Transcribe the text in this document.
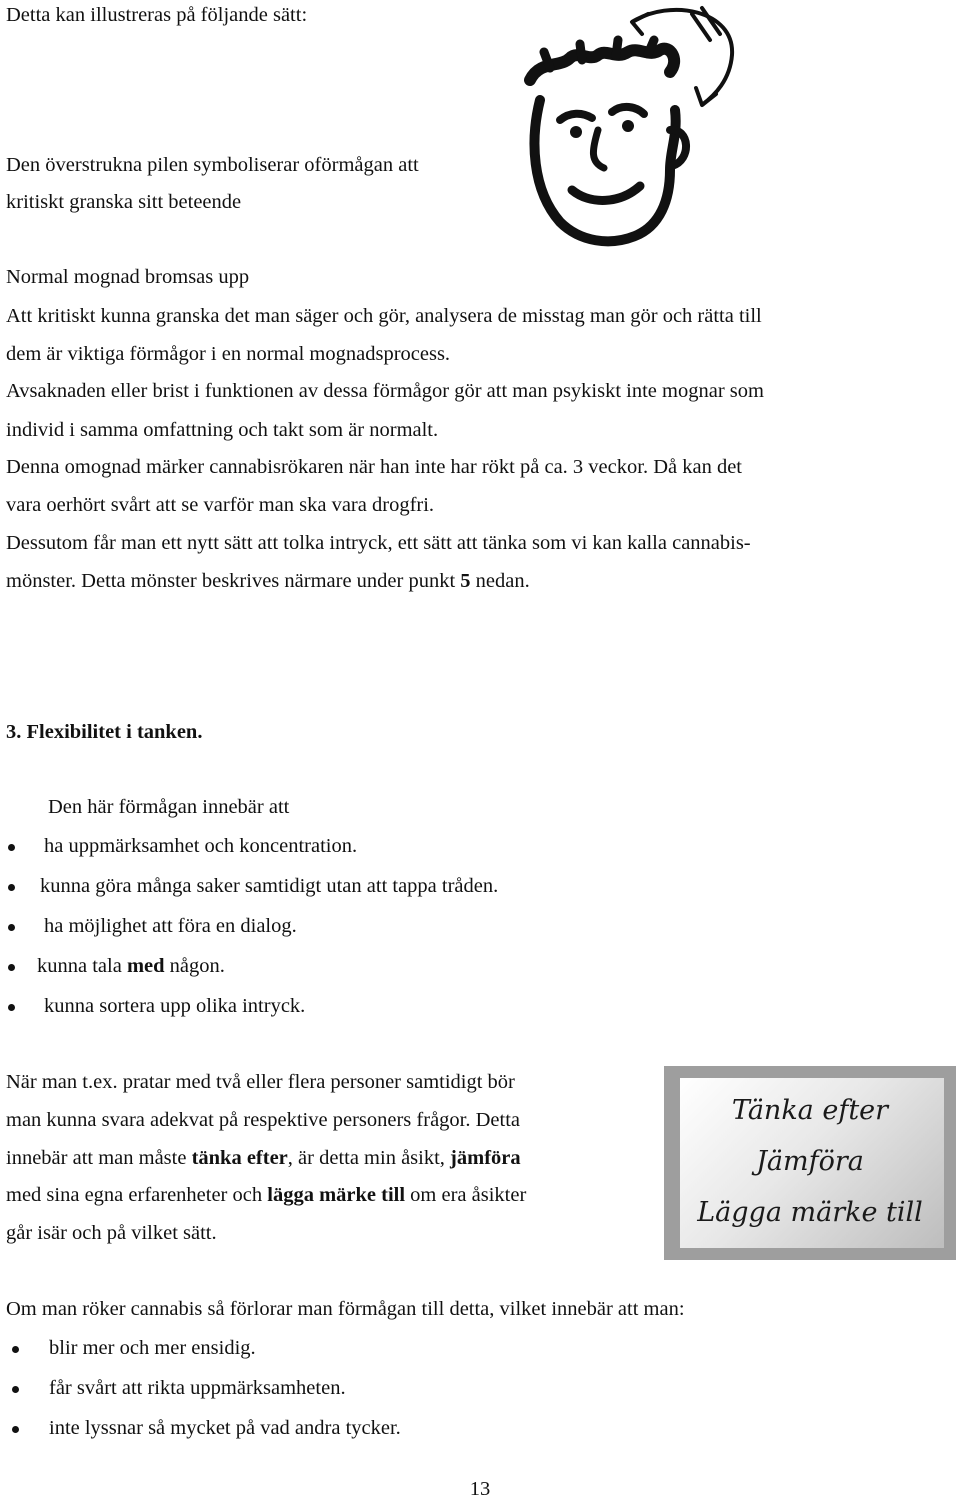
Detta kan illustreras på följande sätt:
Den överstrukna pilen symboliserar oförmågan att
kritiskt granska sitt beteende
Normal mognad bromsas upp
Att kritiskt kunna granska det man säger och gör, analysera de misstag man gör och rätta till
dem är viktiga förmågor i en normal mognadsprocess.
Avsaknaden eller brist i funktionen av dessa förmågor gör att man psykiskt inte mognar som
individ i samma omfattning och takt som är normalt.
Denna omognad märker cannabisrökaren när han inte har rökt på ca. 3 veckor. Då kan det
vara oerhört svårt att se varför man ska vara drogfri.
Dessutom får man ett nytt sätt att tolka intryck, ett sätt att tänka som vi kan kalla cannabis-
mönster. Detta mönster beskrives närmare under punkt 5 nedan.
3. Flexibilitet i tanken.
Den här förmågan innebär att
ha uppmärksamhet och koncentration.
kunna göra många saker samtidigt utan att tappa tråden.
ha möjlighet att föra en dialog.
kunna tala med någon.
kunna sortera upp olika intryck.
När man t.ex. pratar med två eller flera personer samtidigt bör
man kunna svara adekvat på respektive personers frågor. Detta
innebär att man måste tänka efter, är detta min åsikt, jämföra
med sina egna erfarenheter och lägga märke till om era åsikter
går isär och på vilket sätt.
Tänka efter
Jämföra
Lägga märke till
Om man röker cannabis så förlorar man förmågan till detta, vilket innebär att man:
blir mer och mer ensidig.
får svårt att rikta uppmärksamheten.
inte lyssnar så mycket på vad andra tycker.
13
